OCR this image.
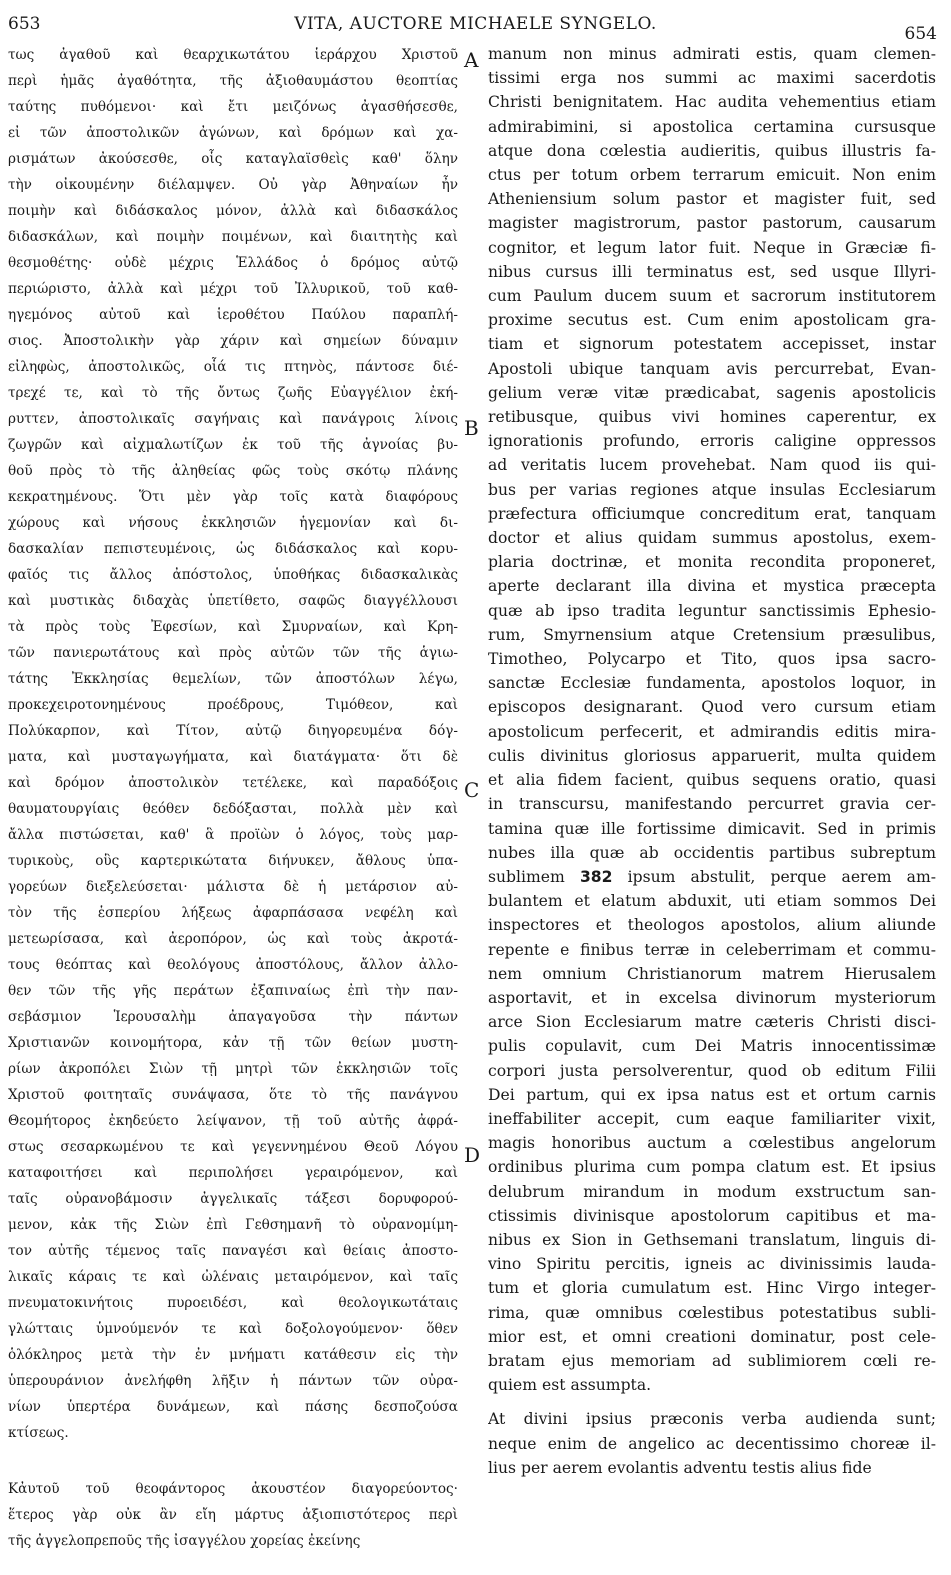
653	VITA, AUCTORE MICHAELE SYNGELO.	654
τως ἀγαθοῦ καὶ θεαρχικωτάτου ἱεράρχου Χριστοῦ
περὶ ἡμᾶς ἀγαθότητα, τῆς ἀξιοθαυμάστου θεοπτίας
ταύτης πυθόμενοι· καὶ ἔτι μειζόνως ἀγασθήσεσθε,
εἰ τῶν ἀποστολικῶν ἀγώνων, καὶ δρόμων καὶ χα-
ρισμάτων ἀκούσεσθε, οἷς καταγλαϊσθεὶς καθ' ὅλην
τὴν οἰκουμένην διέλαμψεν. Οὐ γὰρ Ἀθηναίων ἦν
ποιμὴν καὶ διδάσκαλος μόνον, ἀλλὰ καὶ διδασκάλος
διδασκάλων, καὶ ποιμὴν ποιμένων, καὶ διαιτητὴς καὶ
θεσμοθέτης· οὐδὲ μέχρις Ἑλλάδος ὁ δρόμος αὐτῷ
περιώριστο, ἀλλὰ καὶ μέχρι τοῦ Ἰλλυρικοῦ, τοῦ καθ-
ηγεμόνος αὐτοῦ καὶ ἱεροθέτου Παύλου παραπλή-
σιος. Ἀποστολικὴν γὰρ χάριν καὶ σημείων δύναμιν
εἰληφὼς, ἀποστολικῶς, οἷά τις πτηνὸς, πάντοσε διέ-
τρεχέ τε, καὶ τὸ τῆς ὄντως ζωῆς Εὐαγγέλιον ἐκή-
ρυττεν, ἀποστολικαῖς σαγήναις καὶ πανάγροις λίνοις
ζωγρῶν καὶ αἰχμαλωτίζων ἐκ τοῦ τῆς ἀγνοίας βυ-
θοῦ πρὸς τὸ τῆς ἀληθείας φῶς τοὺς σκότῳ πλάνης
κεκρατημένους. Ὅτι μὲν γὰρ τοῖς κατὰ διαφόρους
χώρους καὶ νήσους ἐκκλησιῶν ἡγεμονίαν καὶ δι-
δασκαλίαν πεπιστευμένοις, ὡς διδάσκαλος καὶ κορυ-
φαῖός τις ἄλλος ἀπόστολος, ὑποθήκας διδασκαλικὰς
καὶ μυστικὰς διδαχὰς ὑπετίθετο, σαφῶς διαγγέλλουσι
τὰ πρὸς τοὺς Ἐφεσίων, καὶ Σμυρναίων, καὶ Κρη-
τῶν πανιερωτάτους καὶ πρὸς αὐτῶν τῶν τῆς ἁγιω-
τάτης Ἐκκλησίας θεμελίων, τῶν ἀποστόλων λέγω,
προκεχειροτονημένους προέδρους, Τιμόθεον, καὶ
Πολύκαρπον, καὶ Τίτον, αὐτῷ διηγορευμένα δόγ-
ματα, καὶ μυσταγωγήματα, καὶ διατάγματα· ὅτι δὲ
καὶ δρόμον ἀποστολικὸν τετέλεκε, καὶ παραδόξοις
θαυματουργίαις θεόθεν δεδόξασται, πολλὰ μὲν καὶ
ἄλλα πιστώσεται, καθ' ἃ προϊὼν ὁ λόγος, τοὺς μαρ-
τυρικοὺς, οὓς καρτερικώτατα διήνυκεν, ἄθλους ὑπα-
γορεύων διεξελεύσεται· μάλιστα δὲ ἡ μετάρσιον αὐ-
τὸν τῆς ἑσπερίου λήξεως ἀφαρπάσασα νεφέλη καὶ
μετεωρίσασα, καὶ ἀεροπόρον, ὡς καὶ τοὺς ἀκροτά-
τους θεόπτας καὶ θεολόγους ἀποστόλους, ἄλλον ἀλλο-
θεν τῶν τῆς γῆς περάτων ἐξαπιναίως ἐπὶ τὴν παν-
σεβάσμιον Ἱερουσαλὴμ ἀπαγαγοῦσα τὴν πάντων
Χριστιανῶν κοινομήτορα, κἀν τῇ τῶν θείων μυστη-
ρίων ἀκροπόλει Σιὼν τῇ μητρὶ τῶν ἐκκλησιῶν τοῖς
Χριστοῦ φοιτηταῖς συνάψασα, ὅτε τὸ τῆς πανάγνου
Θεομήτορος ἐκηδεύετο λείψανον, τῇ τοῦ αὐτῆς ἀφρά-
στως σεσαρκωμένου τε καὶ γεγεννημένου Θεοῦ Λόγου
καταφοιτήσει καὶ περιπολήσει γεραιρόμενον, καὶ
ταῖς οὐρανοβάμοσιν ἀγγελικαῖς τάξεσι δορυφορού-
μενον, κἀκ τῆς Σιὼν ἐπὶ Γεθσημανῆ τὸ οὐρανομίμη-
τον αὐτῆς τέμενος ταῖς παναγέσι καὶ θείαις ἀποστο-
λικαῖς κάραις τε καὶ ὠλέναις μεταιρόμενον, καὶ ταῖς
πνευματοκινήτοις πυροειδέσι, καὶ θεολογικωτάταις
γλώτταις ὑμνούμενόν τε καὶ δοξολογούμενον· ὅθεν
ὁλόκληρος μετὰ τὴν ἐν μνήματι κατάθεσιν εἰς τὴν
ὑπερουράνιον ἀνελήφθη λῆξιν ἡ πάντων τῶν οὐρα-
νίων ὑπερτέρα δυνάμεων, καὶ πάσης δεσποζούσα
κτίσεως.
Κἀυτοῦ τοῦ θεοφάντορος ἀκουστέον διαγορεύοντος·
ἕτερος γὰρ οὐκ ἂν εἴη μάρτυς ἀξιοπιστότερος περὶ
τῆς ἀγγελοπρεποῦς τῆς ἰσαγγέλου χορείας ἐκείνης
manum non minus admirati estis, quam clemen-
tissimi erga nos summi ac maximi sacerdotis
Christi benignitatem. Hac audita vehementius etiam
admirabimini, si apostolica certamina cursusque
atque dona cœlestia audieritis, quibus illustris fa-
ctus per totum orbem terrarum emicuit. Non enim
Atheniensium solum pastor et magister fuit, sed
magister magistrorum, pastor pastorum, causarum
cognitor, et legum lator fuit. Neque in Græciæ fi-
nibus cursus illi terminatus est, sed usque Illyri-
cum Paulum ducem suum et sacrorum institutorem
proxime secutus est. Cum enim apostolicam gra-
tiam et signorum potestatem accepisset, instar
Apostoli ubique tanquam avis percurrebat, Evan-
gelium veræ vitæ prædicabat, sagenis apostolicis
retibusque, quibus vivi homines caperentur, ex
ignorationis profundo, erroris caligine oppressos
ad veritatis lucem provehebat. Nam quod iis qui-
bus per varias regiones atque insulas Ecclesiarum
præfectura officiumque concreditum erat, tanquam
doctor et alius quidam summus apostolus, exem-
plaria doctrinæ, et monita recondita proponeret,
aperte declarant illa divina et mystica præcepta
quæ ab ipso tradita leguntur sanctissimis Ephesio-
rum, Smyrnensium atque Cretensium præsulibus,
Timotheo, Polycarpo et Tito, quos ipsa sacro-
sanctæ Ecclesiæ fundamenta, apostolos loquor, in
episcopos designarant. Quod vero cursum etiam
apostolicum perfecerit, et admirandis editis mira-
culis divinitus gloriosus apparuerit, multa quidem
et alia fidem facient, quibus sequens oratio, quasi
in transcursu, manifestando percurret gravia cer-
tamina quæ ille fortissime dimicavit. Sed in primis
nubes illa quæ ab occidentis partibus subreptum
sublimem 382 ipsum abstulit, perque aerem am-
bulantem et elatum abduxit, uti etiam sommos Dei
inspectores et theologos apostolos, alium aliunde
repente e finibus terræ in celeberrimam et commu-
nem omnium Christianorum matrem Hierusalem
asportavit, et in excelsa divinorum mysteriorum
arce Sion Ecclesiarum matre cæteris Christi disci-
pulis copulavit, cum Dei Matris innocentissimæ
corpori justa persolverentur, quod ob editum Filii
Dei partum, qui ex ipsa natus est et ortum carnis
ineffabiliter accepit, cum eaque familiariter vixit,
magis honoribus auctum a cœlestibus angelorum
ordinibus plurima cum pompa clatum est. Et ipsius
delubrum mirandum in modum exstructum san-
ctissimis divinisque apostolorum capitibus et ma-
nibus ex Sion in Gethsemani translatum, linguis di-
vino Spiritu percitis, igneis ac divinissimis lauda-
tum et gloria cumulatum est. Hinc Virgo integer-
rima, quæ omnibus cœlestibus potestatibus subli-
mior est, et omni creationi dominatur, post cele-
bratam ejus memoriam ad sublimiorem cœli re-
quiem est assumpta.
At divini ipsius præconis verba audienda sunt;
neque enim de angelico ac decentissimo choreæ il-
lius per aerem evolantis adventu testis alius fide
A
B
C
D
